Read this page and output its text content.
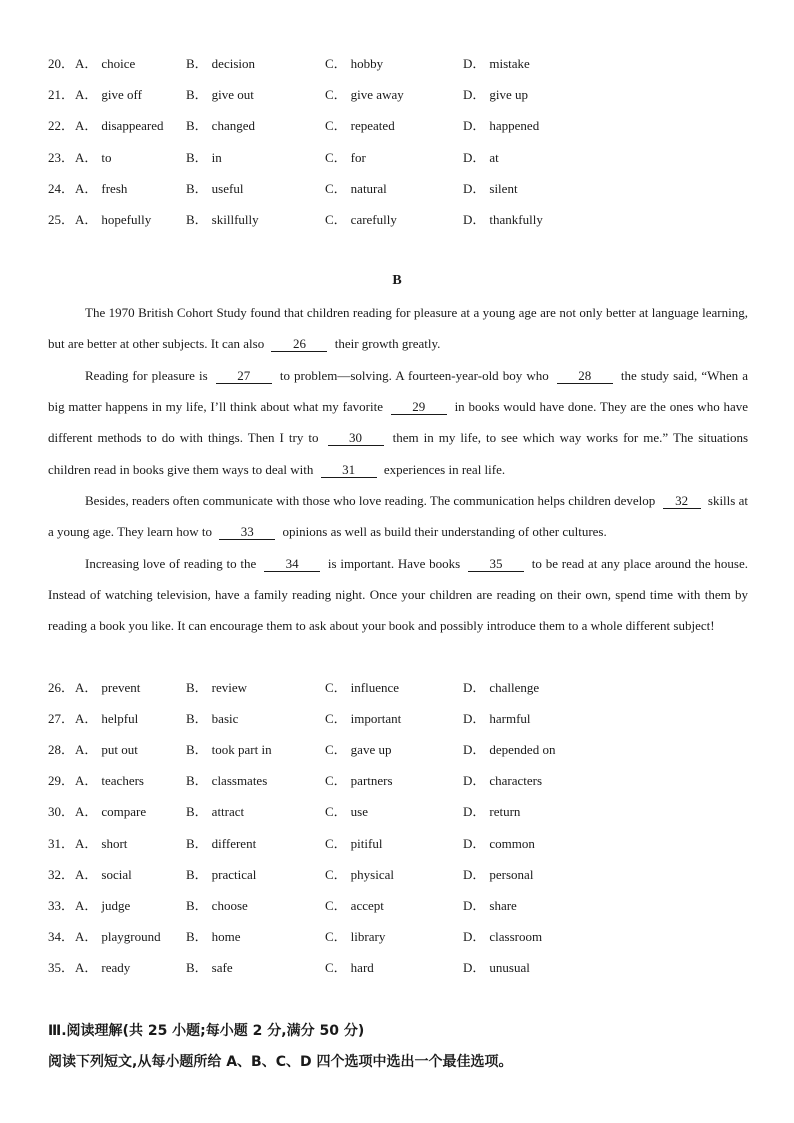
20． A． choice	B． decision	C． hobby	D． mistake
21． A． give off	B． give out	C． give away	D． give up
22． A． disappeared B． changed	C． repeated	D． happened
23． A． to	B． in	C． for	D． at
24． A． fresh	B． useful	C． natural	D． silent
25． A． hopefully	B． skillfully	C． carefully	D． thankfully
B
The 1970 British Cohort Study found that children reading for pleasure at a young age are not only better at language learning, but are better at other subjects. It can also 26 their growth greatly.
Reading for pleasure is 27 to problem—solving. A fourteen-year-old boy who 28 the study said, “When a big matter happens in my life, I’ll think about what my favorite 29 in books would have done. They are the ones who have different methods to do with things. Then I try to 30 them in my life, to see which way works for me.” The situations children read in books give them ways to deal with 31 experiences in real life.
Besides, readers often communicate with those who love reading. The communication helps children develop 32 skills at a young age. They learn how to 33 opinions as well as build their understanding of other cultures.
Increasing love of reading to the 34 is important. Have books 35 to be read at any place around the house. Instead of watching television, have a family reading night. Once your children are reading on their own, spend time with them by reading a book you like. It can encourage them to ask about your book and possibly introduce them to a whole different subject!
26． A． prevent	B． review	C． influence	D． challenge
27． A． helpful	B． basic	C． important	D． harmful
28． A． put out	B． took part in	C． gave up	D． depended on
29． A． teachers	B． classmates	C． partners	D． characters
30． A． compare	B． attract	C． use	D． return
31． A． short	B． different	C． pitiful	D． common
32． A． social	B． practical	C． physical	D． personal
33． A． judge	B． choose	C． accept	D． share
34． A． playground B． home	C． library	D． classroom
35． A． ready	B． safe	C． hard	D． unusual
Ⅲ.阅读理解(共 25 小题;每小题 2 分,满分 50 分)
阅读下列短文,从每小题所给 A、B、C、D 四个选项中选出一个最佳选项。
